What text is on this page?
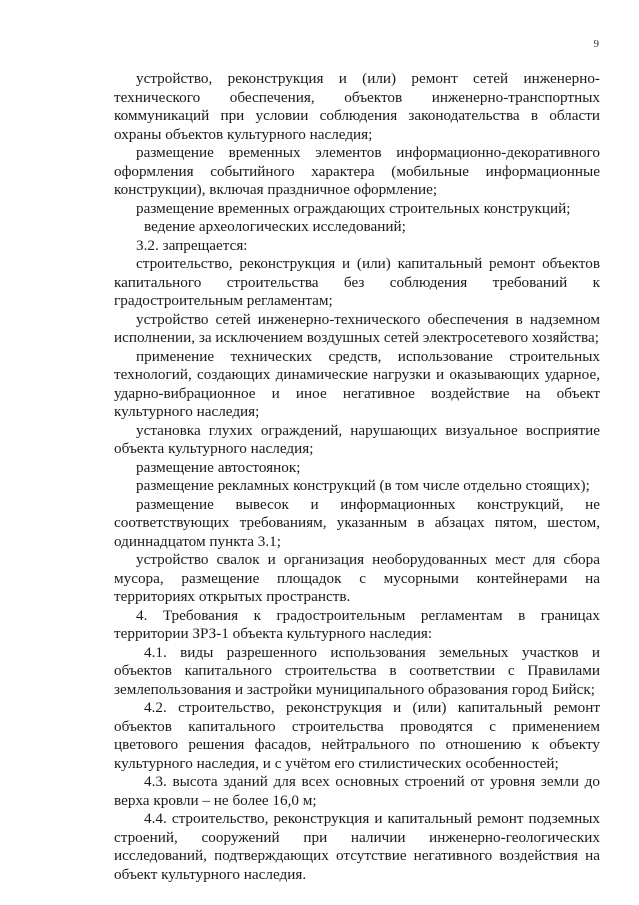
9

устройство, реконструкция и (или) ремонт сетей инженерно-технического обеспечения, объектов инженерно-транспортных коммуникаций при условии соблюдения законодательства в области охраны объектов культурного наследия;

размещение временных элементов информационно-декоративного оформления событийного характера (мобильные информационные конструкции), включая праздничное оформление;

размещение временных ограждающих строительных конструкций;

ведение археологических исследований;

3.2. запрещается:

строительство, реконструкция и (или) капитальный ремонт объектов капитального строительства без соблюдения требований к градостроительным регламентам;

устройство сетей инженерно-технического обеспечения в надземном исполнении, за исключением воздушных сетей электросетевого хозяйства;

применение технических средств, использование строительных технологий, создающих динамические нагрузки и оказывающих ударное, ударно-вибрационное и иное негативное воздействие на объект культурного наследия;

установка глухих ограждений, нарушающих визуальное восприятие объекта культурного наследия;

размещение автостоянок;

размещение рекламных конструкций (в том числе отдельно стоящих);

размещение вывесок и информационных конструкций, не соответствующих требованиям, указанным в абзацах пятом, шестом, одиннадцатом пункта 3.1;

устройство свалок и организация необорудованных мест для сбора мусора, размещение площадок с мусорными контейнерами на территориях открытых пространств.

4. Требования к градостроительным регламентам в границах территории ЗРЗ-1 объекта культурного наследия:

4.1. виды разрешенного использования земельных участков и объектов капитального строительства в соответствии с Правилами землепользования и застройки муниципального образования город Бийск;

4.2. строительство, реконструкция и (или) капитальный ремонт объектов капитального строительства проводятся с применением цветового решения фасадов, нейтрального по отношению к объекту культурного наследия, и с учётом его стилистических особенностей;

4.3. высота зданий для всех основных строений от уровня земли до верха кровли – не более 16,0 м;

4.4. строительство, реконструкция и капитальный ремонт подземных строений, сооружений при наличии инженерно-геологических исследований, подтверждающих отсутствие негативного воздействия на объект культурного наследия.
